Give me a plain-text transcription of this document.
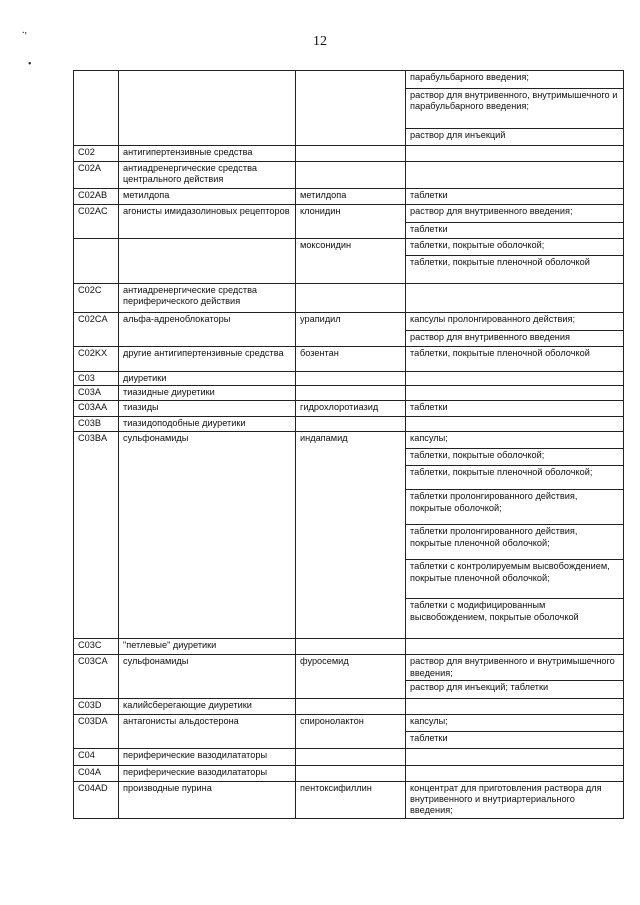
.,
•
12
			парабульбарного введения;
			раствор для внутривенного, внутримышечного и парабульбарного введения;
			раствор для инъекций
C02	антигипертензивные средства		
C02A	антиадренергические средства центрального действия		
C02AB	метилдопа	метилдопа	таблетки
C02AC	агонисты имидазолиновых рецепторов	клонидин	раствор для внутривенного введения;
			таблетки
		моксонидин	таблетки, покрытые оболочкой;
			таблетки, покрытые пленочной оболочкой
C02C	антиадренергические средства периферического действия		
C02CA	альфа-адреноблокаторы	урапидил	капсулы пролонгированного действия;
			раствор для внутривенного введения
C02KX	другие антигипертензивные средства	бозентан	таблетки, покрытые пленочной оболочкой
C03	диуретики		
C03A	тиазидные диуретики		
C03AA	тиазиды	гидрохлоротиазид	таблетки
C03B	тиазидоподобные диуретики		
C03BA	сульфонамиды	индапамид	капсулы;
			таблетки, покрытые оболочкой;
			таблетки, покрытые пленочной оболочкой;
			таблетки пролонгированного действия, покрытые оболочкой;
			таблетки пролонгированного действия, покрытые пленочной оболочкой;
			таблетки с контролируемым высвобождением, покрытые пленочной оболочкой;
			таблетки с модифицированным высвобождением, покрытые оболочкой
C03C	"петлевые" диуретики		
C03CA	сульфонамиды	фуросемид	раствор для внутривенного и внутримышечного введения;
			раствор для инъекций; таблетки
C03D	калийсберегающие диуретики		
C03DA	антагонисты альдостерона	спиронолактон	капсулы;
			таблетки
C04	периферические вазодилататоры		
C04A	периферические вазодилататоры		
C04AD	производные пурина	пентоксифиллин	концентрат для приготовления раствора для внутривенного и внутриартериального введения;
